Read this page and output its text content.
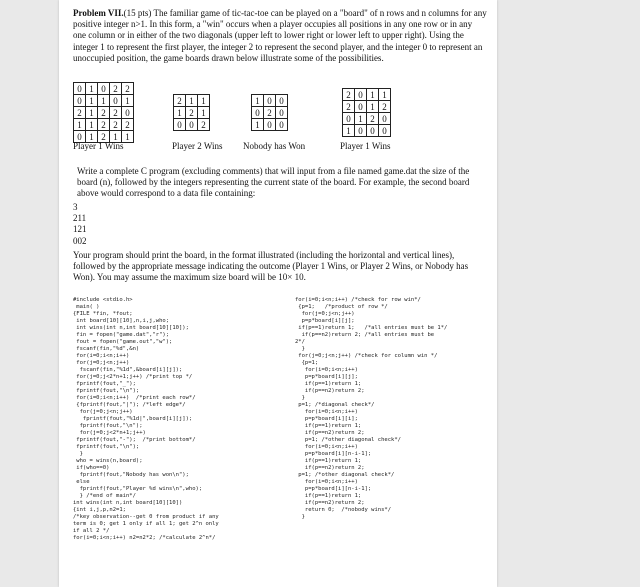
Problem VII.(15 pts) The familiar game of tic-tac-toe can be played on a "board" of n rows and n columns for any positive integer n>1. In this form, a "win" occurs when a player occupies all positions in any one row or in any one column or in either of the two diagonals (upper left to lower right or lower left to upper right). Using the integer 1 to represent the first player, the integer 2 to represent the second player, and the integer 0 to represent an unoccupied position, the game boards drawn below illustrate some of the possibilities.
0	1	0	2	2
0	1	1	0	1
2	1	2	2	0
1	1	2	2	2
0	1	2	1	1
Player 1 Wins
2	1	1
1	2	1
0	0	2
Player 2 Wins
1	0	0
0	2	0
1	0	0
Nobody has Won
2	0	1	1
2	0	1	2
0	1	2	0
1	0	0	0
Player 1 Wins
Write a complete C program (excluding comments) that will input from a file named game.dat the size of the board (n), followed by the integers representing the current state of the board. For example, the second board above would correspond to a data file containing:
3
211
121
002
Your program should print the board, in the format illustrated (including the horizontal and vertical lines), followed by the appropriate message indicating the outcome (Player 1 Wins, or Player 2 Wins, or Nobody has Won). You may assume the maximum size board will be 10× 10.
#include <stdio.h>
main( )
{FILE *fin, *fout;
int board[10][10],n,i,j,who;
int wins(int n,int board[10][10]);
fin = fopen("game.dat","r");
fout = fopen("game.out","w");
fscanf(fin,"%d",&n)
for(i=0;i<n;i++)
for(j=0;j<n;j++)
fscanf(fin,"%1d",&board[i][j]);
for(j=0;j<2*n+1;j++) /*print top */
fprintf(fout,"_");
fprintf(fout,"\n");
for(i=0;i<n;i++)  /*print each row*/
{fprintf(fout,"|"); /*left edge*/
for(j=0;j<n;j++)
fprintf(fout,"%1d|",board[i][j]);
fprintf(fout,"\n");
for(j=0;j<2*n+1;j++)
fprintf(fout,"-");  /*print bottom*/
fprintf(fout,"\n");
}
who = wins(n,board);
if(who==0)
fprintf(fout,"Nobody has won\n");
else
fprintf(fout,"Player %d wins\n",who);
} /*end of main*/
int wins(int n,int board[10][10])
{int i,j,p,n2=1;
/*key observation--get 0 from product if any
term is 0; get 1 only if all 1; get 2^n only
if all 2 */
for(i=0;i<n;i++) n2=n2*2; /*calculate 2^n*/
for(i=0;i<n;i++) /*check for row win*/
{p=1;   /*product of row */
for(j=0;j<n;j++)
p=p*board[i][j];
if(p==1)return 1;   /*all entries must be 1*/
if(p==n2)return 2; /*all entries must be
2*/
}
for(j=0;j<n;j++) /*check for column win */
{p=1;
for(i=0;i<n;i++)
p=p*board[i][j];
if(p==1)return 1;
if(p==n2)return 2;
}
p=1; /*diagonal check*/
for(i=0;i<n;i++)
p=p*board[i][i];
if(p==1)return 1;
if(p==n2)return 2;
p=1; /*other diagonal check*/
for(i=0;i<n;i++)
p=p*board[i][n-i-1];
if(p==1)return 1;
if(p==n2)return 2;
p=1; /*other diagonal check*/
for(i=0;i<n;i++)
p=p*board[i][n-i-1];
if(p==1)return 1;
if(p==n2)return 2;
return 0;  /*nobody wins*/
}
